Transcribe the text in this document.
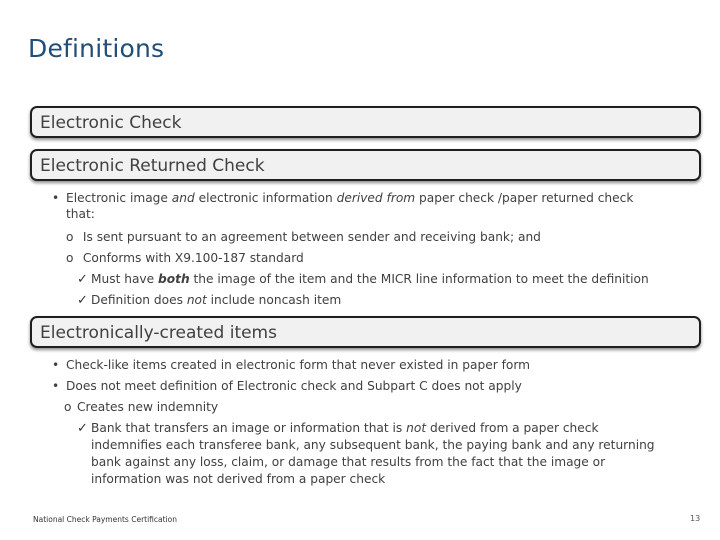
Definitions
Electronic Check
Electronic Returned Check
• Electronic image and electronic information derived from paper check /paper returned check
that:
o Is sent pursuant to an agreement between sender and receiving bank; and
o Conforms with X9.100-187 standard
✓ Must have both the image of the item and the MICR line information to meet the definition
✓ Definition does not include noncash item
Electronically-created items
• Check-like items created in electronic form that never existed in paper form
• Does not meet definition of Electronic check and Subpart C does not apply
o Creates new indemnity
✓ Bank that transfers an image or information that is not derived from a paper check
indemnifies each transferee bank, any subsequent bank, the paying bank and any returning
bank against any loss, claim, or damage that results from the fact that the image or
information was not derived from a paper check
National Check Payments Certification	13
